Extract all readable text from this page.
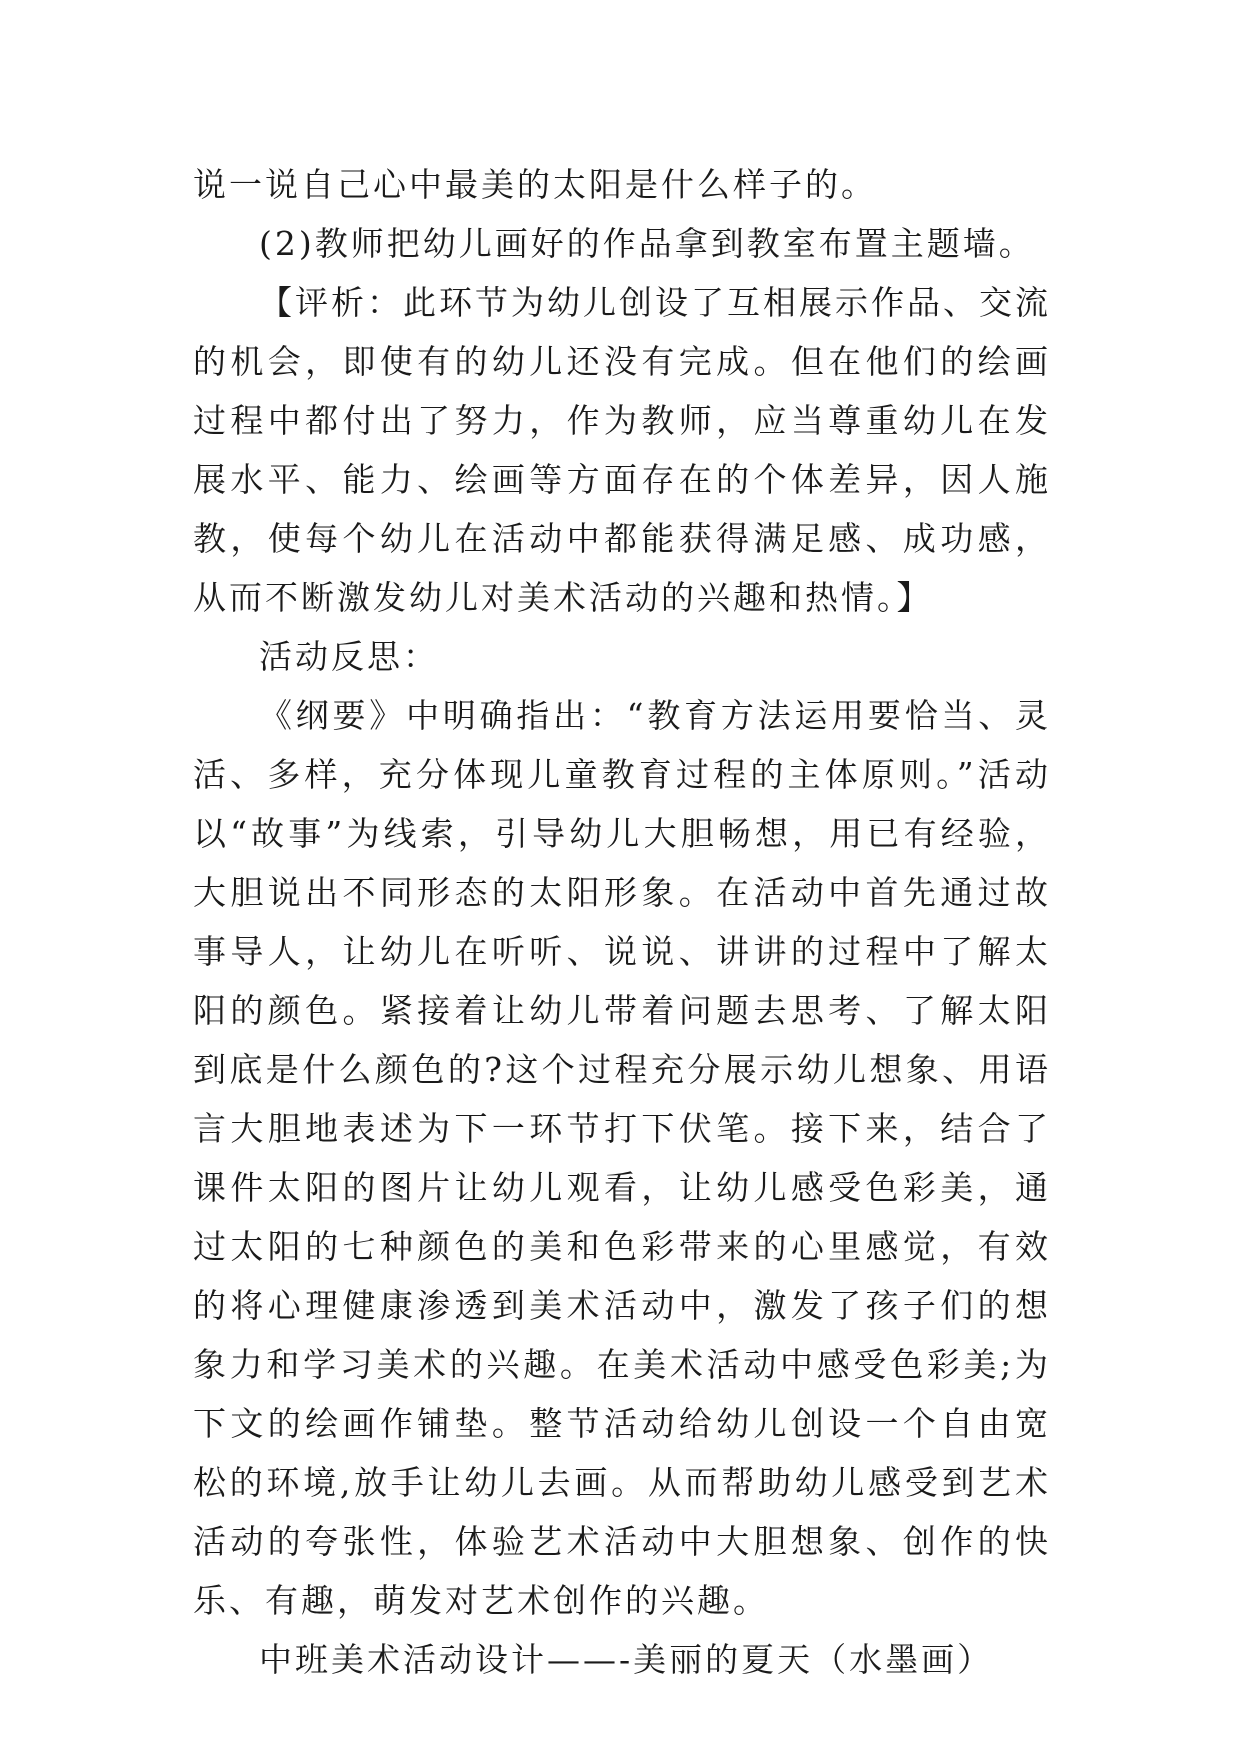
说一说自己心中最美的太阳是什么样子的。

(2)教师把幼儿画好的作品拿到教室布置主题墙。

【评析：此环节为幼儿创设了互相展示作品、交流的机会，即使有的幼儿还没有完成。但在他们的绘画过程中都付出了努力，作为教师，应当尊重幼儿在发展水平、能力、绘画等方面存在的个体差异，因人施教，使每个幼儿在活动中都能获得满足感、成功感，从而不断激发幼儿对美术活动的兴趣和热情。】

活动反思：

《纲要》中明确指出：“教育方法运用要恰当、灵活、多样，充分体现儿童教育过程的主体原则。”活动以“故事”为线索，引导幼儿大胆畅想，用已有经验，大胆说出不同形态的太阳形象。在活动中首先通过故事导人，让幼儿在听听、说说、讲讲的过程中了解太阳的颜色。紧接着让幼儿带着问题去思考、了解太阳到底是什么颜色的?这个过程充分展示幼儿想象、用语言大胆地表述为下一环节打下伏笔。接下来，结合了课件太阳的图片让幼儿观看，让幼儿感受色彩美，通过太阳的七种颜色的美和色彩带来的心里感觉，有效的将心理健康渗透到美术活动中，激发了孩子们的想象力和学习美术的兴趣。在美术活动中感受色彩美;为下文的绘画作铺垫。整节活动给幼儿创设一个自由宽松的环境,放手让幼儿去画。从而帮助幼儿感受到艺术活动的夸张性，体验艺术活动中大胆想象、创作的快乐、有趣，萌发对艺术创作的兴趣。

中班美术活动设计——-美丽的夏天（水墨画）
